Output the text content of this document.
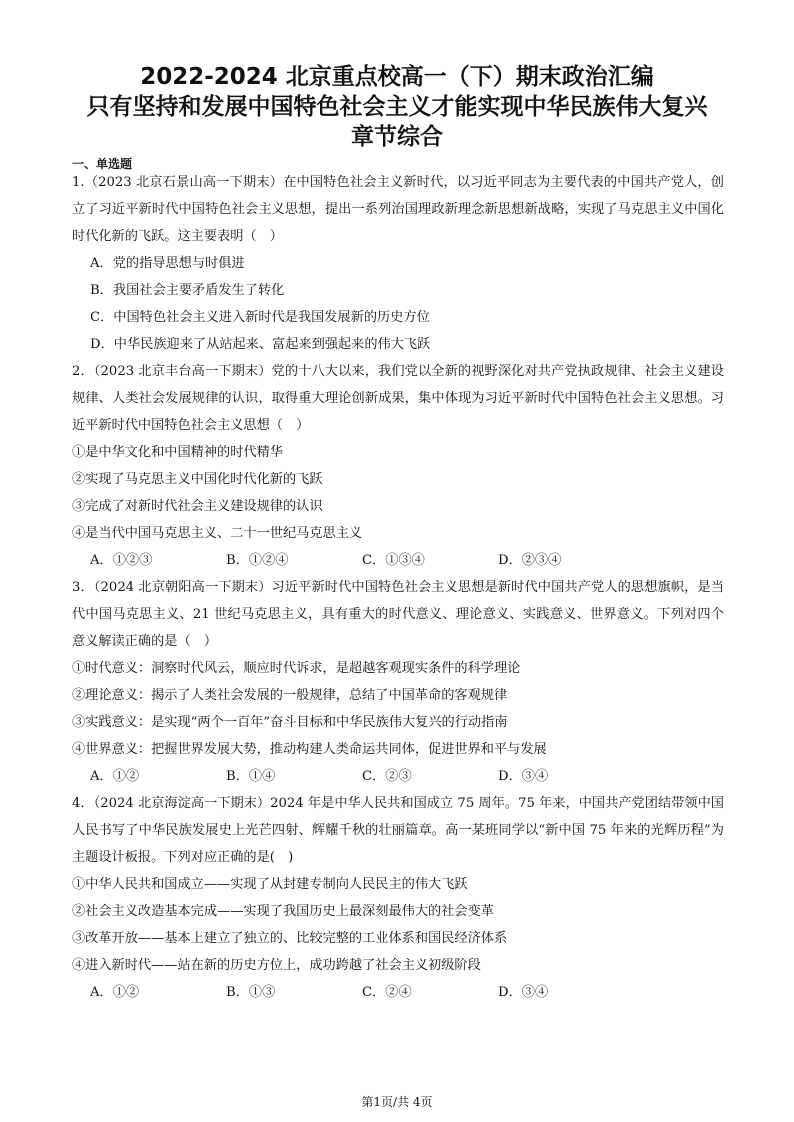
2022-2024 北京重点校高一（下）期末政治汇编
只有坚持和发展中国特色社会主义才能实现中华民族伟大复兴
章节综合
一、单选题
1.（2023 北京石景山高一下期末）在中国特色社会主义新时代，以习近平同志为主要代表的中国共产党人，创立了习近平新时代中国特色社会主义思想，提出一系列治国理政新理念新思想新战略，实现了马克思主义中国化时代化新的飞跃。这主要表明（　）
A．党的指导思想与时俱进
B．我国社会主要矛盾发生了转化
C．中国特色社会主义进入新时代是我国发展新的历史方位
D．中华民族迎来了从站起来、富起来到强起来的伟大飞跃
2．（2023 北京丰台高一下期末）党的十八大以来，我们党以全新的视野深化对共产党执政规律、社会主义建设规律、人类社会发展规律的认识，取得重大理论创新成果，集中体现为习近平新时代中国特色社会主义思想。习近平新时代中国特色社会主义思想（　）
①是中华文化和中国精神的时代精华
②实现了马克思主义中国化时代化新的飞跃
③完成了对新时代社会主义建设规律的认识
④是当代中国马克思主义、二十一世纪马克思主义
A．①②③	B．①②④	C．①③④	D．②③④
3．（2024 北京朝阳高一下期末）习近平新时代中国特色社会主义思想是新时代中国共产党人的思想旗帜，是当代中国马克思主义、21 世纪马克思主义，具有重大的时代意义、理论意义、实践意义、世界意义。下列对四个意义解读正确的是（　）
①时代意义：洞察时代风云，顺应时代诉求，是超越客观现实条件的科学理论
②理论意义：揭示了人类社会发展的一般规律，总结了中国革命的客观规律
③实践意义：是实现“两个一百年”奋斗目标和中华民族伟大复兴的行动指南
④世界意义：把握世界发展大势，推动构建人类命运共同体，促进世界和平与发展
A．①②	B．①④	C．②③	D．③④
4．（2024 北京海淀高一下期末）2024 年是中华人民共和国成立 75 周年。75 年来，中国共产党团结带领中国人民书写了中华民族发展史上光芒四射、辉耀千秋的壮丽篇章。高一某班同学以“新中国 75 年来的光辉历程”为主题设计板报。下列对应正确的是(　)
①中华人民共和国成立——实现了从封建专制向人民民主的伟大飞跃
②社会主义改造基本完成——实现了我国历史上最深刻最伟大的社会变革
③改革开放——基本上建立了独立的、比较完整的工业体系和国民经济体系
④进入新时代——站在新的历史方位上，成功跨越了社会主义初级阶段
A．①②	B．①③	C．②④	D．③④
第1页/共 4页
